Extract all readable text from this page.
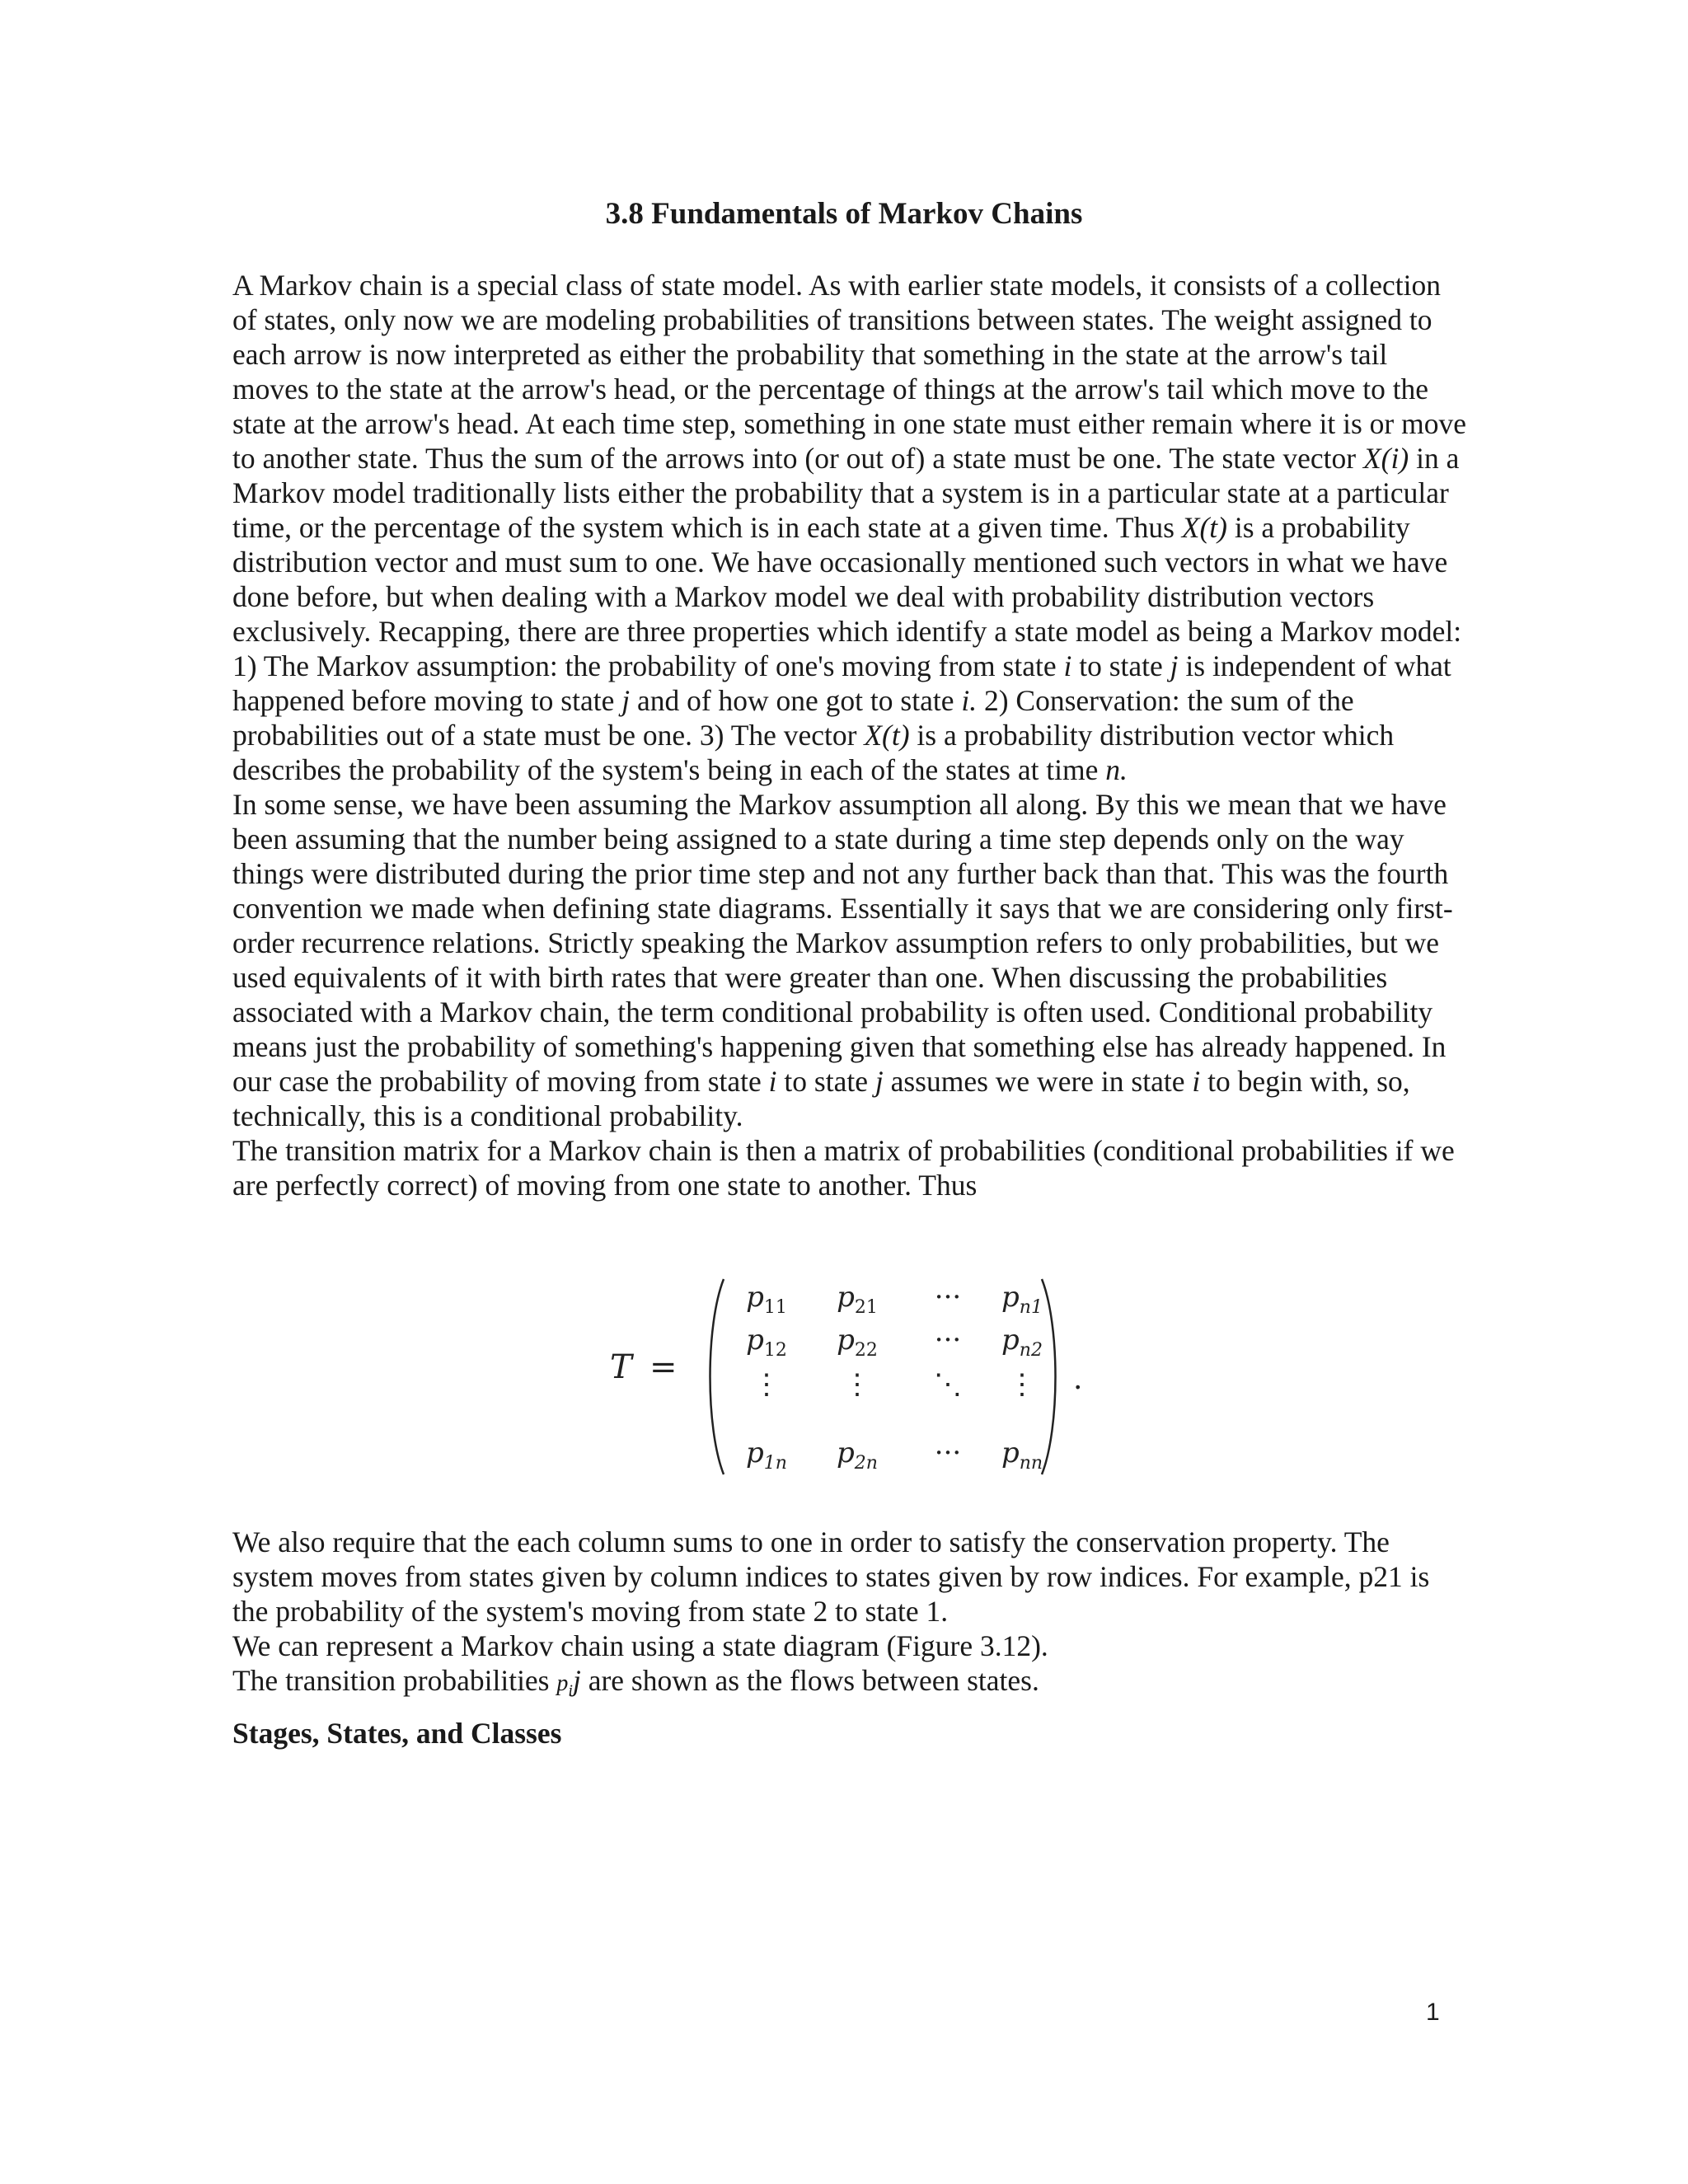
3.8 Fundamentals of Markov Chains

A Markov chain is a special class of state model. As with earlier state models, it consists of a collection of states, only now we are modeling probabilities of transitions between states. The weight assigned to each arrow is now interpreted as either the probability that something in the state at the arrow's tail moves to the state at the arrow's head, or the percentage of things at the arrow's tail which move to the state at the arrow's head. At each time step, something in one state must either remain where it is or move to another state. Thus the sum of the arrows into (or out of) a state must be one. The state vector X(i) in a Markov model traditionally lists either the probability that a system is in a particular state at a particular time, or the percentage of the system which is in each state at a given time. Thus X(t) is a probability distribution vector and must sum to one. We have occasionally mentioned such vectors in what we have done before, but when dealing with a Markov model we deal with probability distribution vectors exclusively. Recapping, there are three properties which identify a state model as being a Markov model: 1) The Markov assumption: the probability of one's moving from state i to state j is independent of what happened before moving to state j and of how one got to state i. 2) Conservation: the sum of the probabilities out of a state must be one. 3) The vector X(t) is a probability distribution vector which describes the probability of the system's being in each of the states at time n.

In some sense, we have been assuming the Markov assumption all along. By this we mean that we have been assuming that the number being assigned to a state during a time step depends only on the way things were distributed during the prior time step and not any further back than that. This was the fourth convention we made when defining state diagrams. Essentially it says that we are considering only first-order recurrence relations. Strictly speaking the Markov assumption refers to only probabilities, but we used equivalents of it with birth rates that were greater than one. When discussing the probabilities associated with a Markov chain, the term conditional probability is often used. Conditional probability means just the probability of something's happening given that something else has already happened. In our case the probability of moving from state i to state j assumes we were in state i to begin with, so, technically, this is a conditional probability.

The transition matrix for a Markov chain is then a matrix of probabilities (conditional probabilities if we are perfectly correct) of moving from one state to another. Thus

T =
$p_{11}$	$p_{21}$	···	$p_{n1}$
$p_{12}$	$p_{22}$	···	$p_{n2}$
⋮	⋮	⋱	⋮
$p_{1n}$	$p_{2n}$	···	$p_{nn}$
.

We also require that the each column sums to one in order to satisfy the conservation property. The system moves from states given by column indices to states given by row indices. For example, p21 is the probability of the system's moving from state 2 to state 1.

We can represent a Markov chain using a state diagram (Figure 3.12).

The transition probabilities $p_ij$ are shown as the flows between states.

Stages, States, and Classes
1
